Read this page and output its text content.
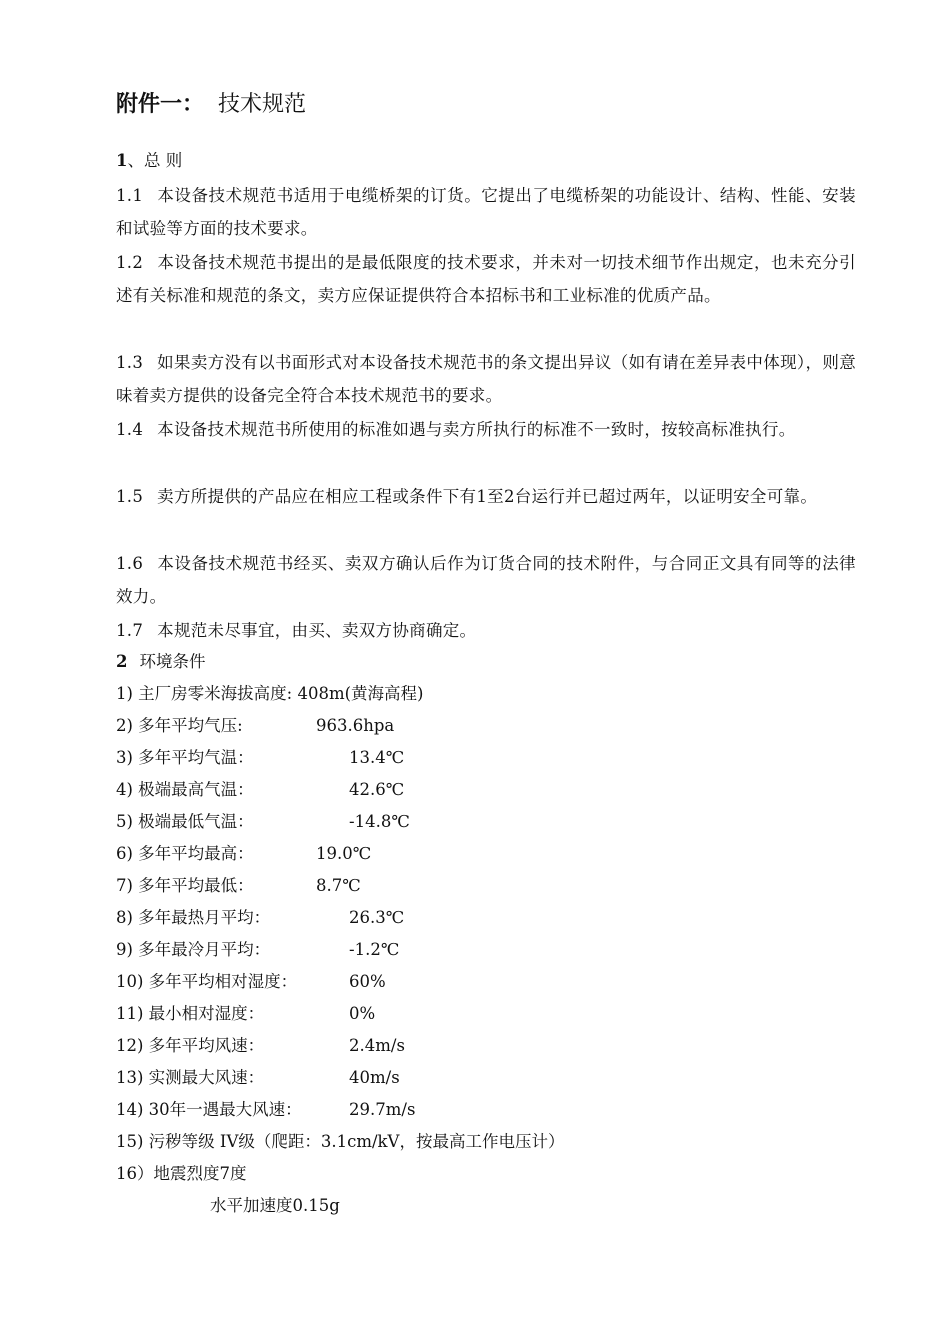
附件一： 技术规范
1、总 则
1.1 本设备技术规范书适用于电缆桥架的订货。它提出了电缆桥架的功能设计、结构、性能、安装和试验等方面的技术要求。
1.2 本设备技术规范书提出的是最低限度的技术要求，并未对一切技术细节作出规定，也未充分引述有关标准和规范的条文，卖方应保证提供符合本招标书和工业标准的优质产品。
1.3 如果卖方没有以书面形式对本设备技术规范书的条文提出异议（如有请在差异表中体现），则意味着卖方提供的设备完全符合本技术规范书的要求。
1.4 本设备技术规范书所使用的标准如遇与卖方所执行的标准不一致时，按较高标准执行。
1.5 卖方所提供的产品应在相应工程或条件下有1至2台运行并已超过两年，以证明安全可靠。
1.6 本设备技术规范书经买、卖双方确认后作为订货合同的技术附件，与合同正文具有同等的法律效力。
1.7 本规范未尽事宜，由买、卖双方协商确定。
2 环境条件
1) 主厂房零米海拔高度: 408m(黄海高程)
2) 多年平均气压:	963.6hpa
3) 多年平均气温：	13.4℃
4) 极端最高气温：	42.6℃
5) 极端最低气温：	-14.8℃
6) 多年平均最高：	19.0℃
7) 多年平均最低：	8.7℃
8) 多年最热月平均：	26.3℃
9) 多年最冷月平均：	-1.2℃
10) 多年平均相对湿度：	60%
11) 最小相对湿度：	0%
12) 多年平均风速：	2.4m/s
13) 实测最大风速：	40m/s
14) 30年一遇最大风速：	29.7m/s
15) 污秽等级 IV级（爬距：3.1cm/kV，按最高工作电压计）
16）地震烈度7度
水平加速度0.15g
